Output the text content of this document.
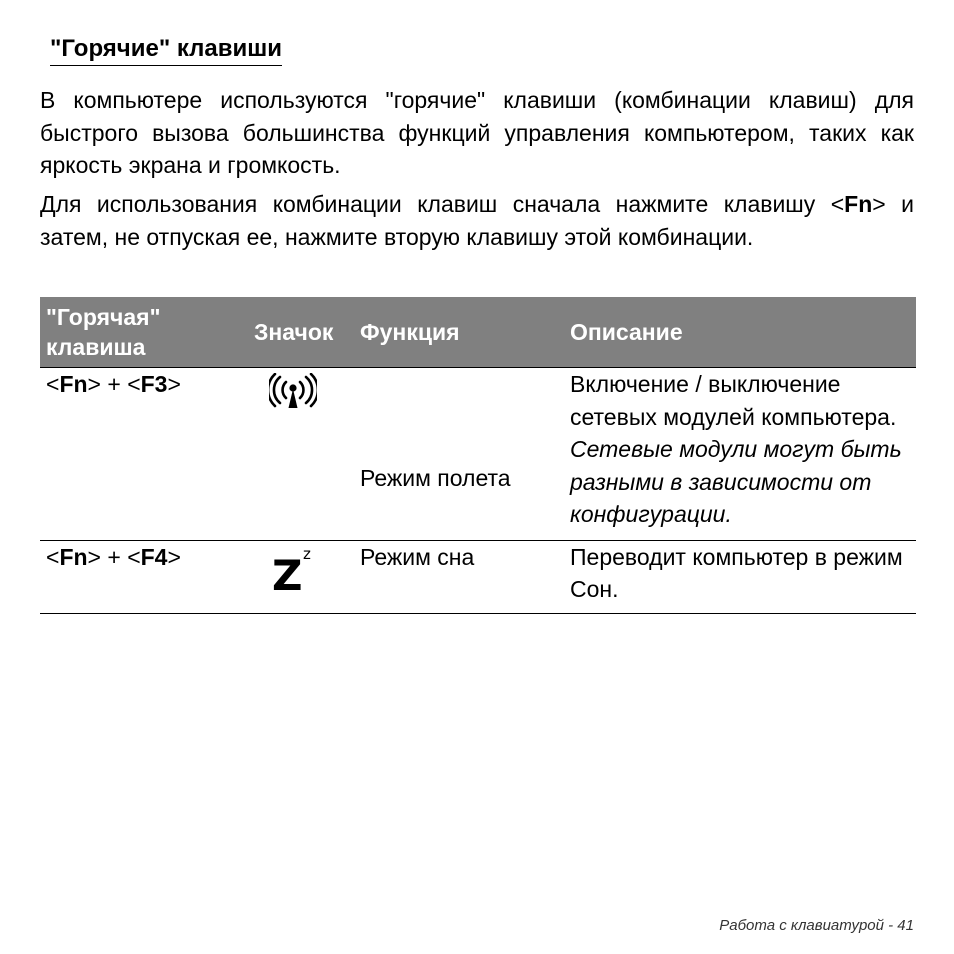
"Горячие" клавиши

В компьютере используются "горячие" клавиши (комбинации клавиш) для быстрого вызова большинства функций управления компьютером, таких как яркость экрана и громкость.

Для использования комбинации клавиш сначала нажмите клавишу <Fn> и затем, не отпуская ее, нажмите вторую клавишу этой комбинации.

"Горячая" клавиша	Значок	Функция	Описание
<Fn> + <F3>		Режим полета	Включение / выключение сетевых модулей компьютера.
Сетевые модули могут быть разными в зависимости от конфигурации.

<Fn> + <F4>	Z z	Режим сна	Переводит компьютер в режим Сон.
Работа с клавиатурой - 41
